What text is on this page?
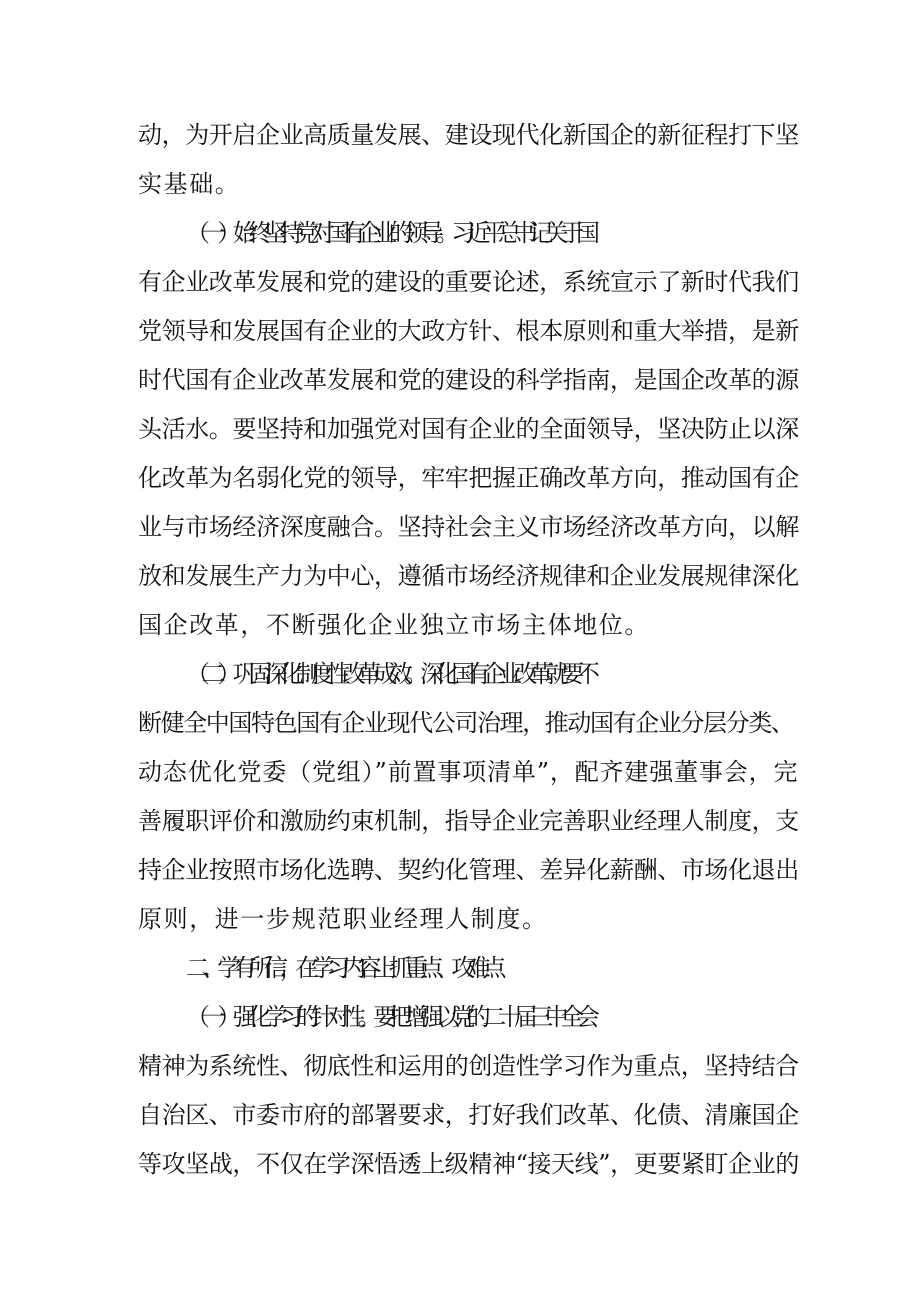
动，为开启企业高质量发展、建设现代化新国企的新征程打下坚
实基础。
（一）始终坚持党对国有企业的领导。习近平总书记关于国
有企业改革发展和党的建设的重要论述，系统宣示了新时代我们
党领导和发展国有企业的大政方针、根本原则和重大举措，是新
时代国有企业改革发展和党的建设的科学指南，是国企改革的源
头活水。要坚持和加强党对国有企业的全面领导，坚决防止以深
化改革为名弱化党的领导，牢牢把握正确改革方向，推动国有企
业与市场经济深度融合。坚持社会主义市场经济改革方向，以解
放和发展生产力为中心，遵循市场经济规律和企业发展规律深化
国企改革，不断强化企业独立市场主体地位。
（二）巩固深化制度性改革成效。深化国有企业改革就要不
断健全中国特色国有企业现代公司治理，推动国有企业分层分类、
动态优化党委（党组）”前置事项清单”，配齐建强董事会，完
善履职评价和激励约束机制，指导企业完善职业经理人制度，支
持企业按照市场化选聘、契约化管理、差异化薪酬、市场化退出
原则，进一步规范职业经理人制度。
二、学有所信，在学习内容上抓重点、攻难点
（一）强化学习的针对性。要把增强以党的二十届三中全会
精神为系统性、彻底性和运用的创造性学习作为重点，坚持结合
自治区、市委市府的部署要求，打好我们改革、化债、清廉国企
等攻坚战，不仅在学深悟透上级精神“接天线”，更要紧盯企业的
